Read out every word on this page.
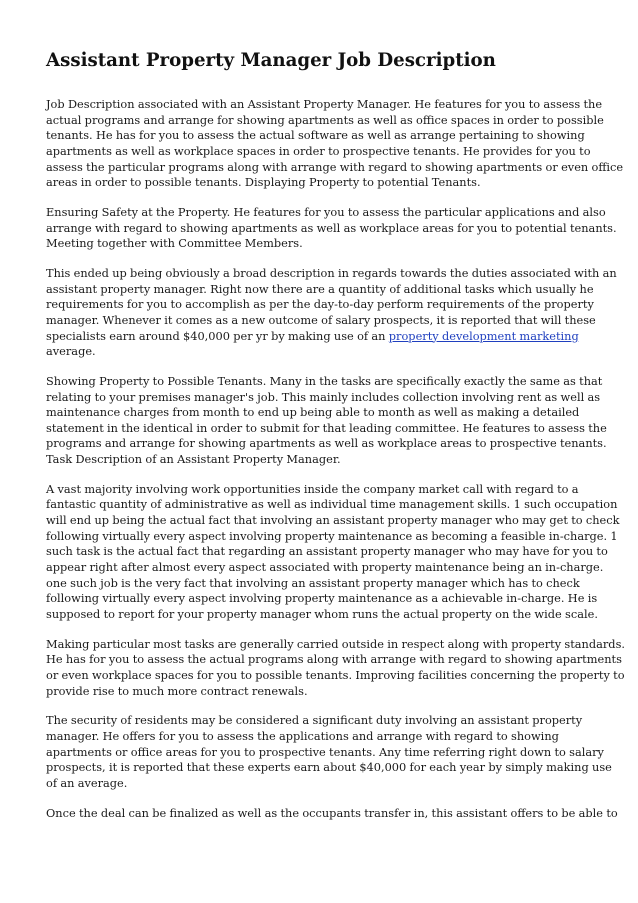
Assistant Property Manager Job Description

Job Description associated with an Assistant Property Manager. He features for you to assess the
actual programs and arrange for showing apartments as well as office spaces in order to possible
tenants. He has for you to assess the actual software as well as arrange pertaining to showing
apartments as well as workplace spaces in order to prospective tenants. He provides for you to
assess the particular programs along with arrange with regard to showing apartments or even office
areas in order to possible tenants. Displaying Property to potential Tenants.

Ensuring Safety at the Property. He features for you to assess the particular applications and also
arrange with regard to showing apartments as well as workplace areas for you to potential tenants.
Meeting together with Committee Members.

This ended up being obviously a broad description in regards towards the duties associated with an
assistant property manager. Right now there are a quantity of additional tasks which usually he
requirements for you to accomplish as per the day-to-day perform requirements of the property
manager. Whenever it comes as a new outcome of salary prospects, it is reported that will these
specialists earn around $40,000 per yr by making use of an property development marketing
average.

Showing Property to Possible Tenants. Many in the tasks are specifically exactly the same as that
relating to your premises manager's job. This mainly includes collection involving rent as well as
maintenance charges from month to end up being able to month as well as making a detailed
statement in the identical in order to submit for that leading committee. He features to assess the
programs and arrange for showing apartments as well as workplace areas to prospective tenants.
Task Description of an Assistant Property Manager.

A vast majority involving work opportunities inside the company market call with regard to a
fantastic quantity of administrative as well as individual time management skills. 1 such occupation
will end up being the actual fact that involving an assistant property manager who may get to check
following virtually every aspect involving property maintenance as becoming a feasible in-charge. 1
such task is the actual fact that regarding an assistant property manager who may have for you to
appear right after almost every aspect associated with property maintenance being an in-charge.
one such job is the very fact that involving an assistant property manager which has to check
following virtually every aspect involving property maintenance as a achievable in-charge. He is
supposed to report for your property manager whom runs the actual property on the wide scale.

Making particular most tasks are generally carried outside in respect along with property standards.
He has for you to assess the actual programs along with arrange with regard to showing apartments
or even workplace spaces for you to possible tenants. Improving facilities concerning the property to
provide rise to much more contract renewals.

The security of residents may be considered a significant duty involving an assistant property
manager. He offers for you to assess the applications and arrange with regard to showing
apartments or office areas for you to prospective tenants. Any time referring right down to salary
prospects, it is reported that these experts earn about $40,000 for each year by simply making use
of an average.

Once the deal can be finalized as well as the occupants transfer in, this assistant offers to be able to
